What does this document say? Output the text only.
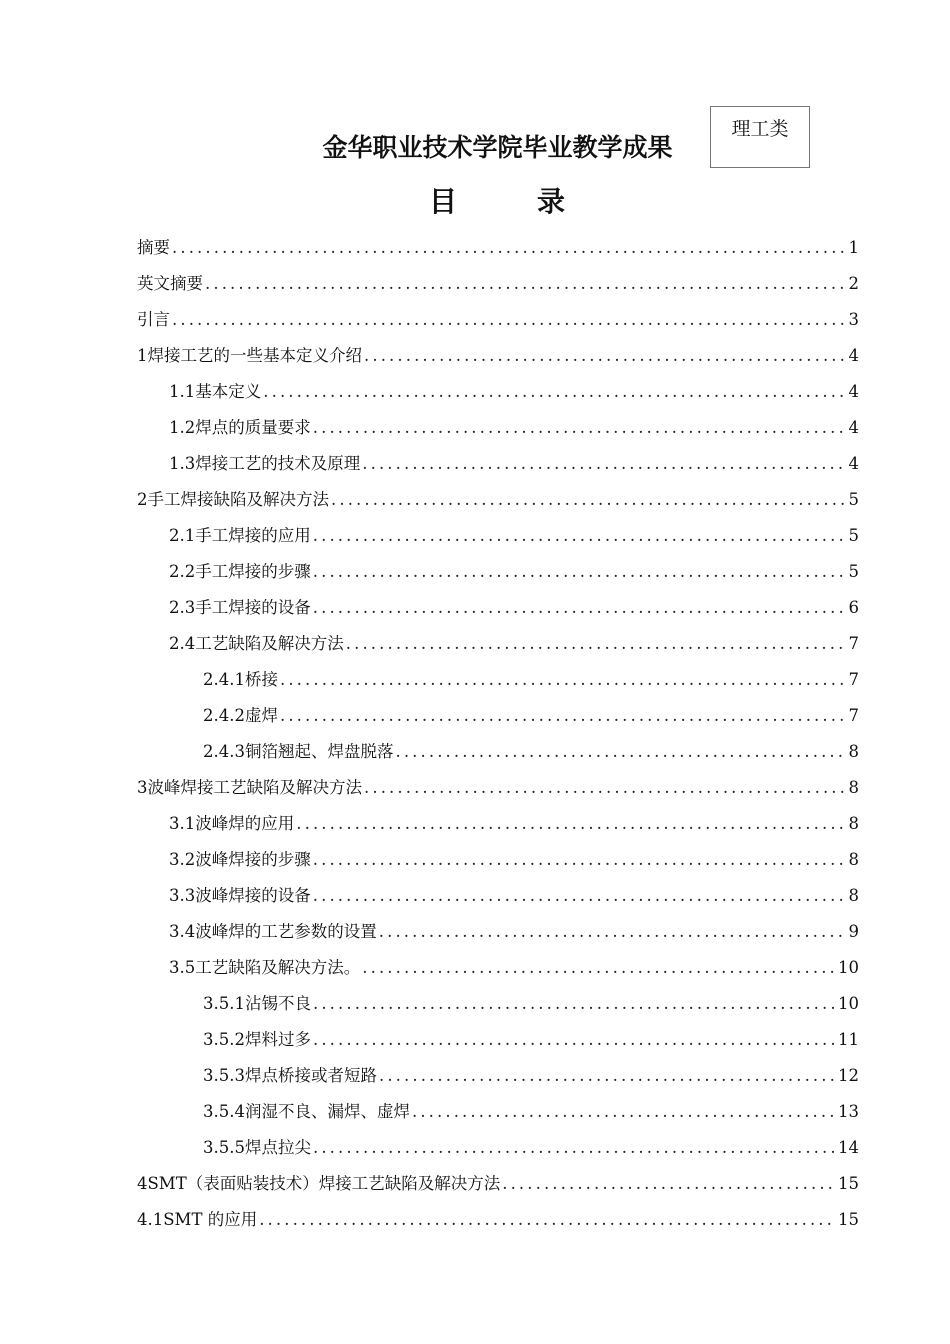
理工类
金华职业技术学院毕业教学成果
目录
摘要 .....	1
英文摘要 .....	2
引言 .....	3
1 焊接工艺的一些基本定义介绍 .....	4
1.1 基本定义 .....	4
1.2 焊点的质量要求 .....	4
1.3 焊接工艺的技术及原理 .....	4
2 手工焊接缺陷及解决方法 .....	5
2.1 手工焊接的应用 .....	5
2.2 手工焊接的步骤 .....	5
2.3 手工焊接的设备 .....	6
2.4 工艺缺陷及解决方法 .....	7
2.4.1 桥接 .....	7
2.4.2 虚焊 .....	7
2.4.3 铜箔翘起、焊盘脱落 .....	8
3 波峰焊接工艺缺陷及解决方法 .....	8
3.1 波峰焊的应用 .....	8
3.2 波峰焊接的步骤 .....	8
3.3 波峰焊接的设备 .....	8
3.4 波峰焊的工艺参数的设置 .....	9
3.5 工艺缺陷及解决方法。 .....	10
3.5.1 沾锡不良 .....	10
3.5.2 焊料过多 .....	11
3.5.3 焊点桥接或者短路 .....	12
3.5.4 润湿不良、漏焊、虚焊 .....	13
3.5.5 焊点拉尖 .....	14
4 SMT（表面贴装技术）焊接工艺缺陷及解决方法 .....	15
4.1 SMT 的应用 .....	15
